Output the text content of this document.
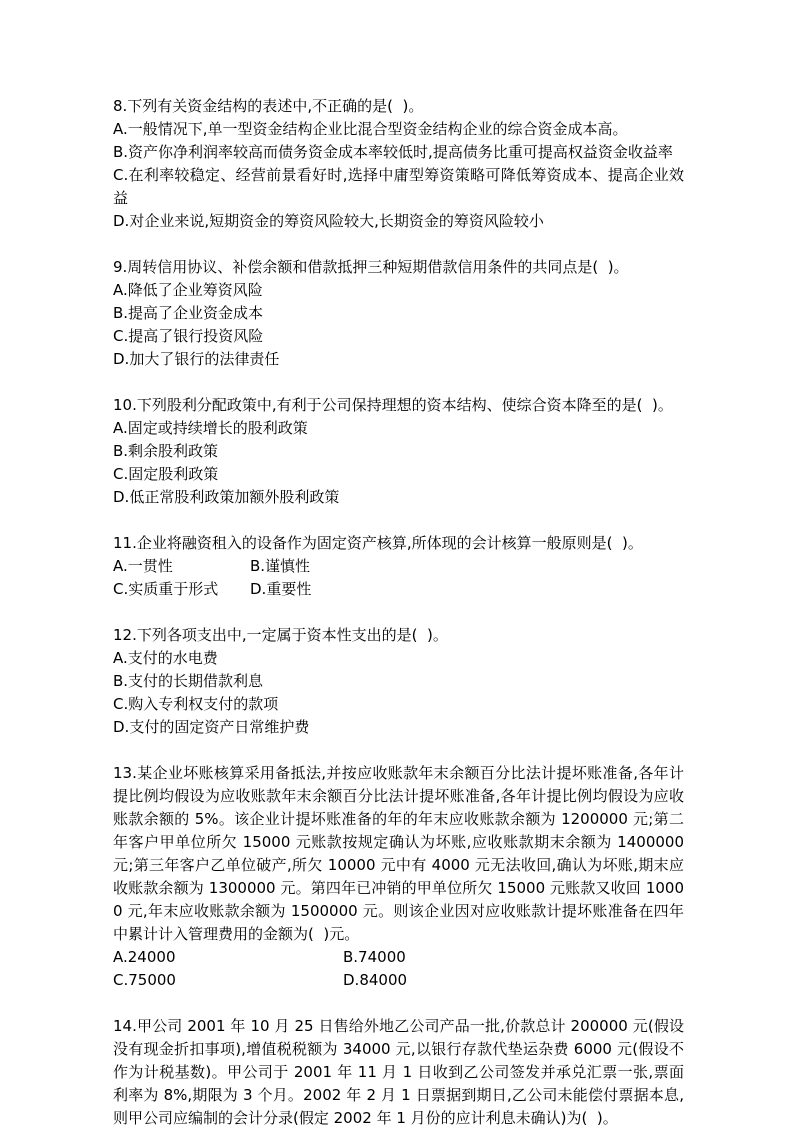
8.下列有关资金结构的表述中,不正确的是(  )。

A.一般情况下,单一型资金结构企业比混合型资金结构企业的综合资金成本高。

B.资产你净利润率较高而债务资金成本率较低时,提高债务比重可提高权益资金收益率

C.在利率较稳定、经营前景看好时,选择中庸型筹资策略可降低筹资成本、提高企业效益

D.对企业来说,短期资金的筹资风险较大,长期资金的筹资风险较小

9.周转信用协议、补偿余额和借款抵押三种短期借款信用条件的共同点是(  )。

A.降低了企业筹资风险

B.提高了企业资金成本

C.提高了银行投资风险

D.加大了银行的法律责任

10.下列股利分配政策中,有利于公司保持理想的资本结构、使综合资本降至的是(  )。

A.固定或持续增长的股利政策

B.剩余股利政策

C.固定股利政策

D.低正常股利政策加额外股利政策

11.企业将融资租入的设备作为固定资产核算,所体现的会计核算一般原则是(  )。

A.一贯性	B.谨慎性

C.实质重于形式	D.重要性

12.下列各项支出中,一定属于资本性支出的是(  )。

A.支付的水电费

B.支付的长期借款利息

C.购入专利权支付的款项

D.支付的固定资产日常维护费

13.某企业坏账核算采用备抵法,并按应收账款年末余额百分比法计提坏账准备,各年计提比例均假设为应收账款年末余额百分比法计提坏账准备,各年计提比例均假设为应收账款余额的 5%。该企业计提坏账准备的年的年末应收账款余额为 1200000 元;第二年客户甲单位所欠 15000 元账款按规定确认为坏账,应收账款期末余额为 1400000 元;第三年客户乙单位破产,所欠 10000 元中有 4000 元无法收回,确认为坏账,期末应收账款余额为 1300000 元。第四年已冲销的甲单位所欠 15000 元账款又收回 10000 元,年末应收账款余额为 1500000 元。则该企业因对应收账款计提坏账准备在四年中累计计入管理费用的金额为(  )元。

A.24000	B.74000

C.75000	D.84000

14.甲公司 2001 年 10 月 25 日售给外地乙公司产品一批,价款总计 200000 元(假设没有现金折扣事项),增值税税额为 34000 元,以银行存款代垫运杂费 6000 元(假设不作为计税基数)。甲公司于 2001 年 11 月 1 日收到乙公司签发并承兑汇票一张,票面利率为 8%,期限为 3 个月。2002 年 2 月 1 日票据到期日,乙公司未能偿付票据本息,则甲公司应编制的会计分录(假定 2002 年 1 月份的应计利息未确认)为(  )。
